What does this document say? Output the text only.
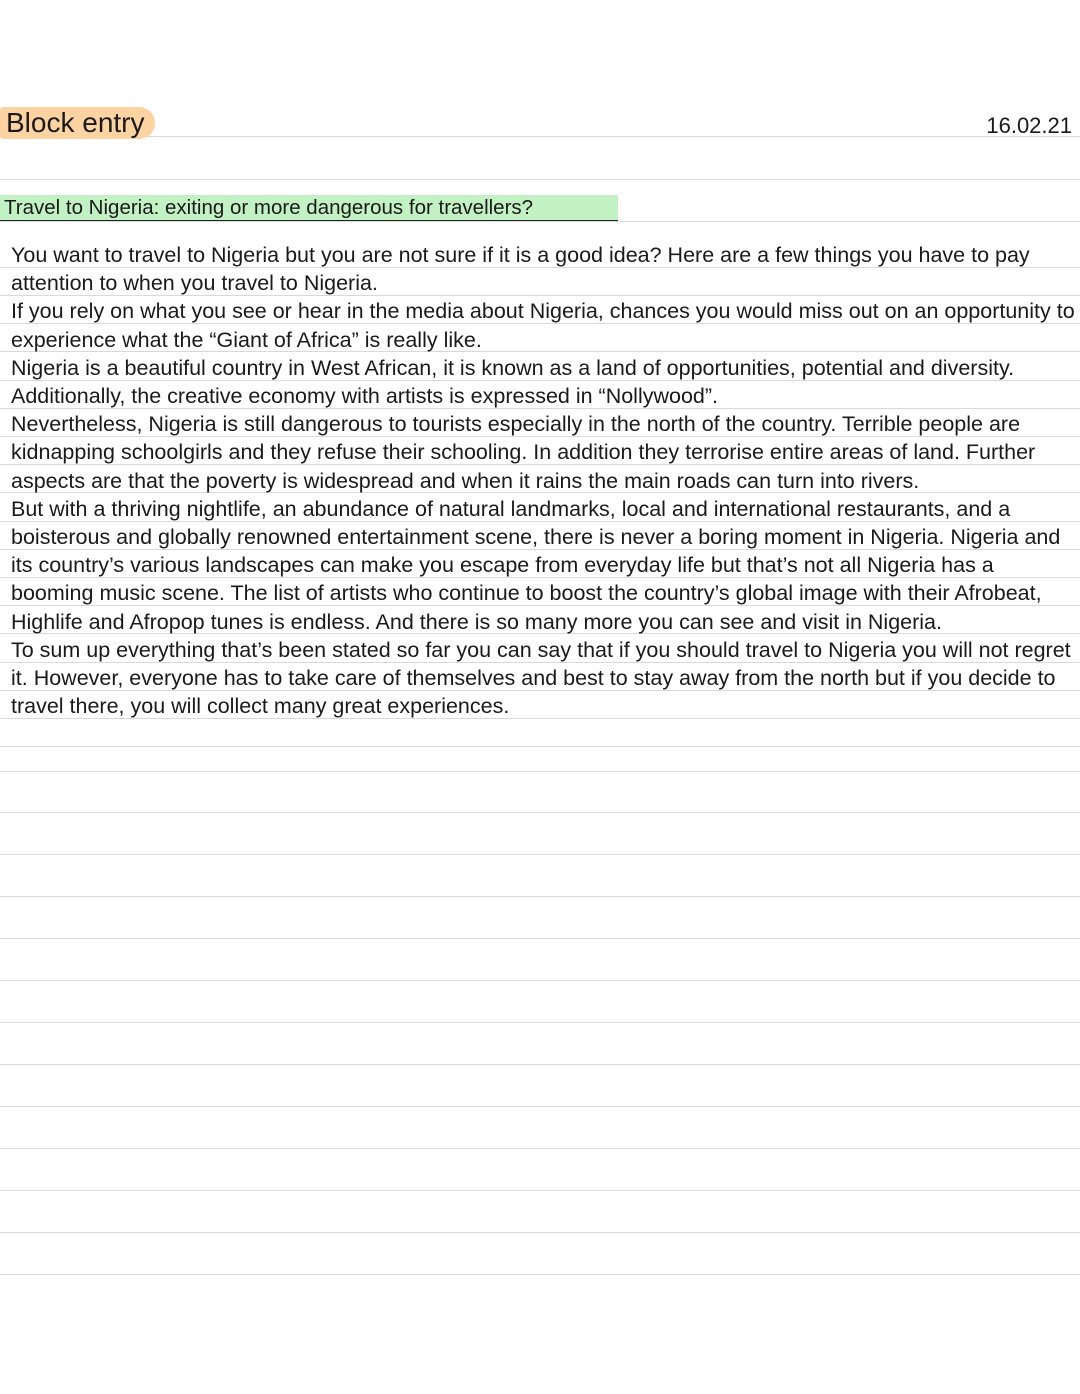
Block entry	16.02.21
Travel to Nigeria: exiting or more dangerous for travellers?

You want to travel to Nigeria but you are not sure if it is a good idea? Here are a few things you have to pay attention to when you travel to Nigeria.

If you rely on what you see or hear in the media about Nigeria, chances you would miss out on an opportunity to experience what the “Giant of Africa” is really like.

Nigeria is a beautiful country in West African, it is known as a land of opportunities, potential and diversity. Additionally, the creative economy with artists is expressed in “Nollywood”.

Nevertheless, Nigeria is still dangerous to tourists especially in the north of the country. Terrible people are kidnapping schoolgirls and they refuse their schooling. In addition they terrorise entire areas of land. Further aspects are that the poverty is widespread and when it rains the main roads can turn into rivers.

But with a thriving nightlife, an abundance of natural landmarks, local and international restaurants, and a boisterous and globally renowned entertainment scene, there is never a boring moment in Nigeria. Nigeria and its country’s various landscapes can make you escape from everyday life but that’s not all Nigeria has a booming music scene. The list of artists who continue to boost the country’s global image with their Afrobeat, Highlife and Afropop tunes is endless. And there is so many more you can see and visit in Nigeria.

To sum up everything that’s been stated so far you can say that if you should travel to Nigeria you will not regret it. However, everyone has to take care of themselves and best to stay away from the north but if you decide to travel there, you will collect many great experiences.
